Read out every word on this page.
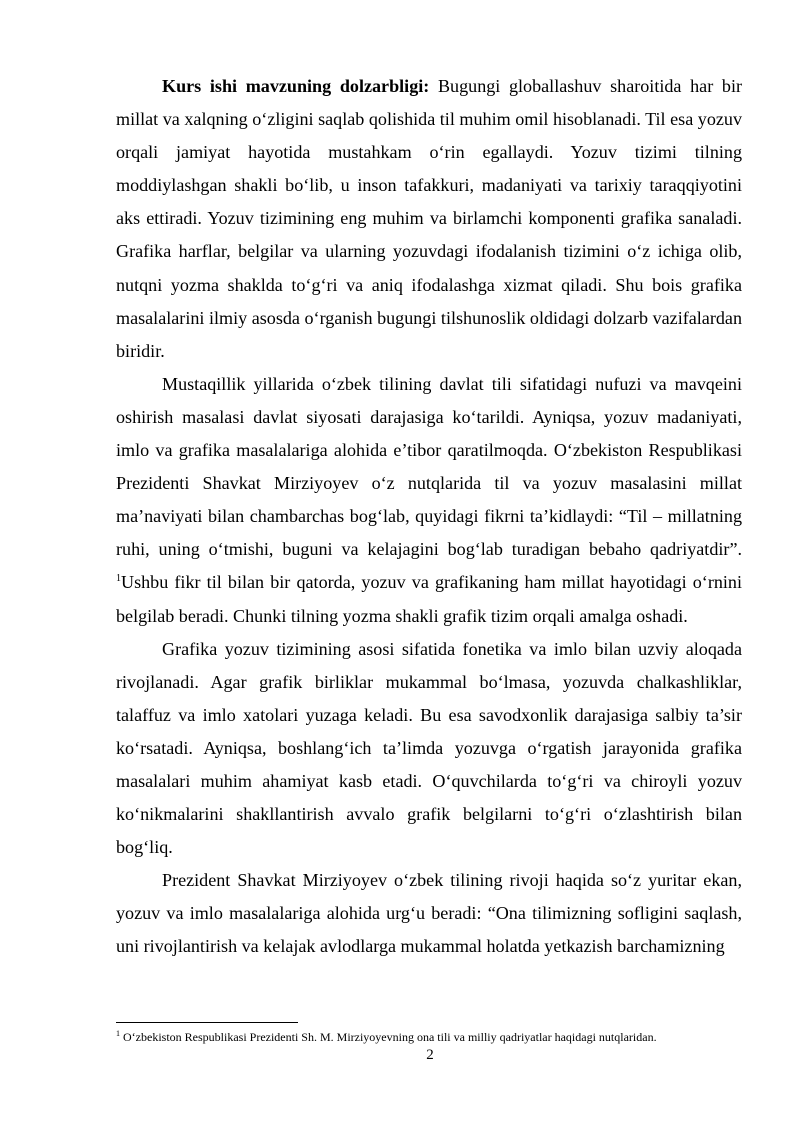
Kurs ishi mavzuning dolzarbligi: Bugungi globallashuv sharoitida har bir millat va xalqning o‘zligini saqlab qolishida til muhim omil hisoblanadi. Til esa yozuv orqali jamiyat hayotida mustahkam o‘rin egallaydi. Yozuv tizimi tilning moddiylashgan shakli bo‘lib, u inson tafakkuri, madaniyati va tarixiy taraqqiyotini aks ettiradi. Yozuv tizimining eng muhim va birlamchi komponenti grafika sanaladi. Grafika harflar, belgilar va ularning yozuvdagi ifodalanish tizimini o‘z ichiga olib, nutqni yozma shaklda to‘g‘ri va aniq ifodalashga xizmat qiladi. Shu bois grafika masalalarini ilmiy asosda o‘rganish bugungi tilshunoslik oldidagi dolzarb vazifalardan biridir.

Mustaqillik yillarida o‘zbek tilining davlat tili sifatidagi nufuzi va mavqeini oshirish masalasi davlat siyosati darajasiga ko‘tarildi. Ayniqsa, yozuv madaniyati, imlo va grafika masalalariga alohida e’tibor qaratilmoqda. O‘zbekiston Respublikasi Prezidenti Shavkat Mirziyoyev o‘z nutqlarida til va yozuv masalasini millat ma’naviyati bilan chambarchas bog‘lab, quyidagi fikrni ta’kidlaydi: “Til – millatning ruhi, uning o‘tmishi, buguni va kelajagini bog‘lab turadigan bebaho qadriyatdir”. $^1$Ushbu fikr til bilan bir qatorda, yozuv va grafikaning ham millat hayotidagi o‘rnini belgilab beradi. Chunki tilning yozma shakli grafik tizim orqali amalga oshadi.

Grafika yozuv tizimining asosi sifatida fonetika va imlo bilan uzviy aloqada rivojlanadi. Agar grafik birliklar mukammal bo‘lmasa, yozuvda chalkashliklar, talaffuz va imlo xatolari yuzaga keladi. Bu esa savodxonlik darajasiga salbiy ta’sir ko‘rsatadi. Ayniqsa, boshlang‘ich ta’limda yozuvga o‘rgatish jarayonida grafika masalalari muhim ahamiyat kasb etadi. O‘quvchilarda to‘g‘ri va chiroyli yozuv ko‘nikmalarini shakllantirish avvalo grafik belgilarni to‘g‘ri o‘zlashtirish bilan bog‘liq.

Prezident Shavkat Mirziyoyev o‘zbek tilining rivoji haqida so‘z yuritar ekan, yozuv va imlo masalalariga alohida urg‘u beradi: “Ona tilimizning sofligini saqlash, uni rivojlantirish va kelajak avlodlarga mukammal holatda yetkazish barchamizning

$^1$ O‘zbekiston Respublikasi Prezidenti Sh. M. Mirziyoyevning ona tili va milliy qadriyatlar haqidagi nutqlaridan.
2
